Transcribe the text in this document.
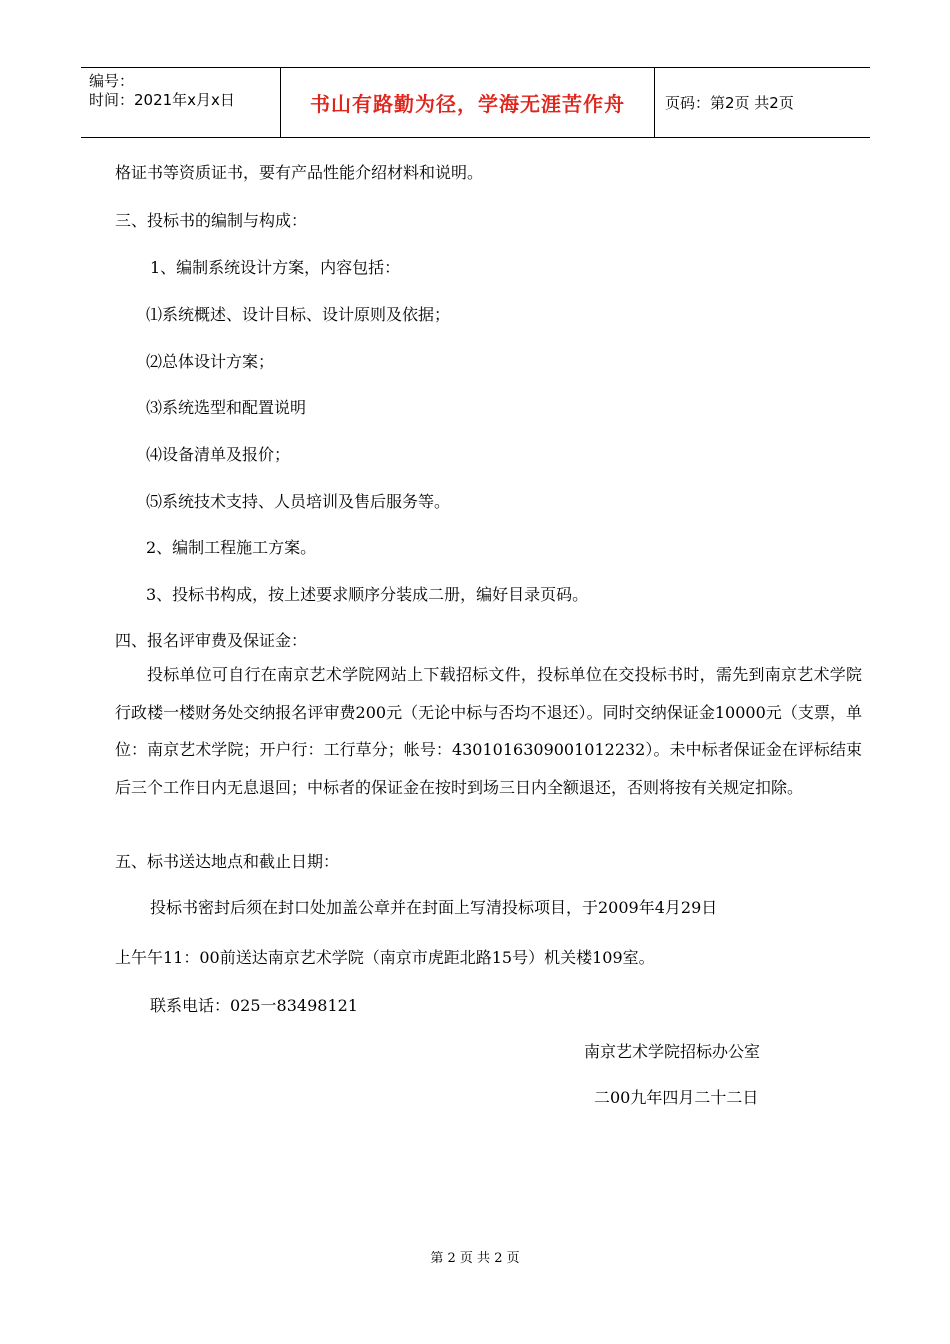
编号：
时间：2021年x月x日	书山有路勤为径，学海无涯苦作舟	页码：第2页 共2页
格证书等资质证书，要有产品性能介绍材料和说明。
三、投标书的编制与构成：
1、编制系统设计方案，内容包括：
⑴系统概述、设计目标、设计原则及依据；
⑵总体设计方案；
⑶系统选型和配置说明
⑷设备清单及报价；
⑸系统技术支持、人员培训及售后服务等。
2、编制工程施工方案。
3、投标书构成，按上述要求顺序分装成二册，编好目录页码。
四、报名评审费及保证金：
投标单位可自行在南京艺术学院网站上下载招标文件，投标单位在交投标书时，需先到南京艺术学院行政楼一楼财务处交纳报名评审费200元（无论中标与否均不退还）。同时交纳保证金10000元（支票，单位：南京艺术学院；开户行：工行草分；帐号：4301016309001012232）。未中标者保证金在评标结束后三个工作日内无息退回；中标者的保证金在按时到场三日内全额退还，否则将按有关规定扣除。
五、标书送达地点和截止日期：
投标书密封后须在封口处加盖公章并在封面上写清投标项目，于2009年4月29日
上午午11：00前送达南京艺术学院（南京市虎距北路15号）机关楼109室。
联系电话：025一83498121
南京艺术学院招标办公室
二00九年四月二十二日
第 2 页 共 2 页
